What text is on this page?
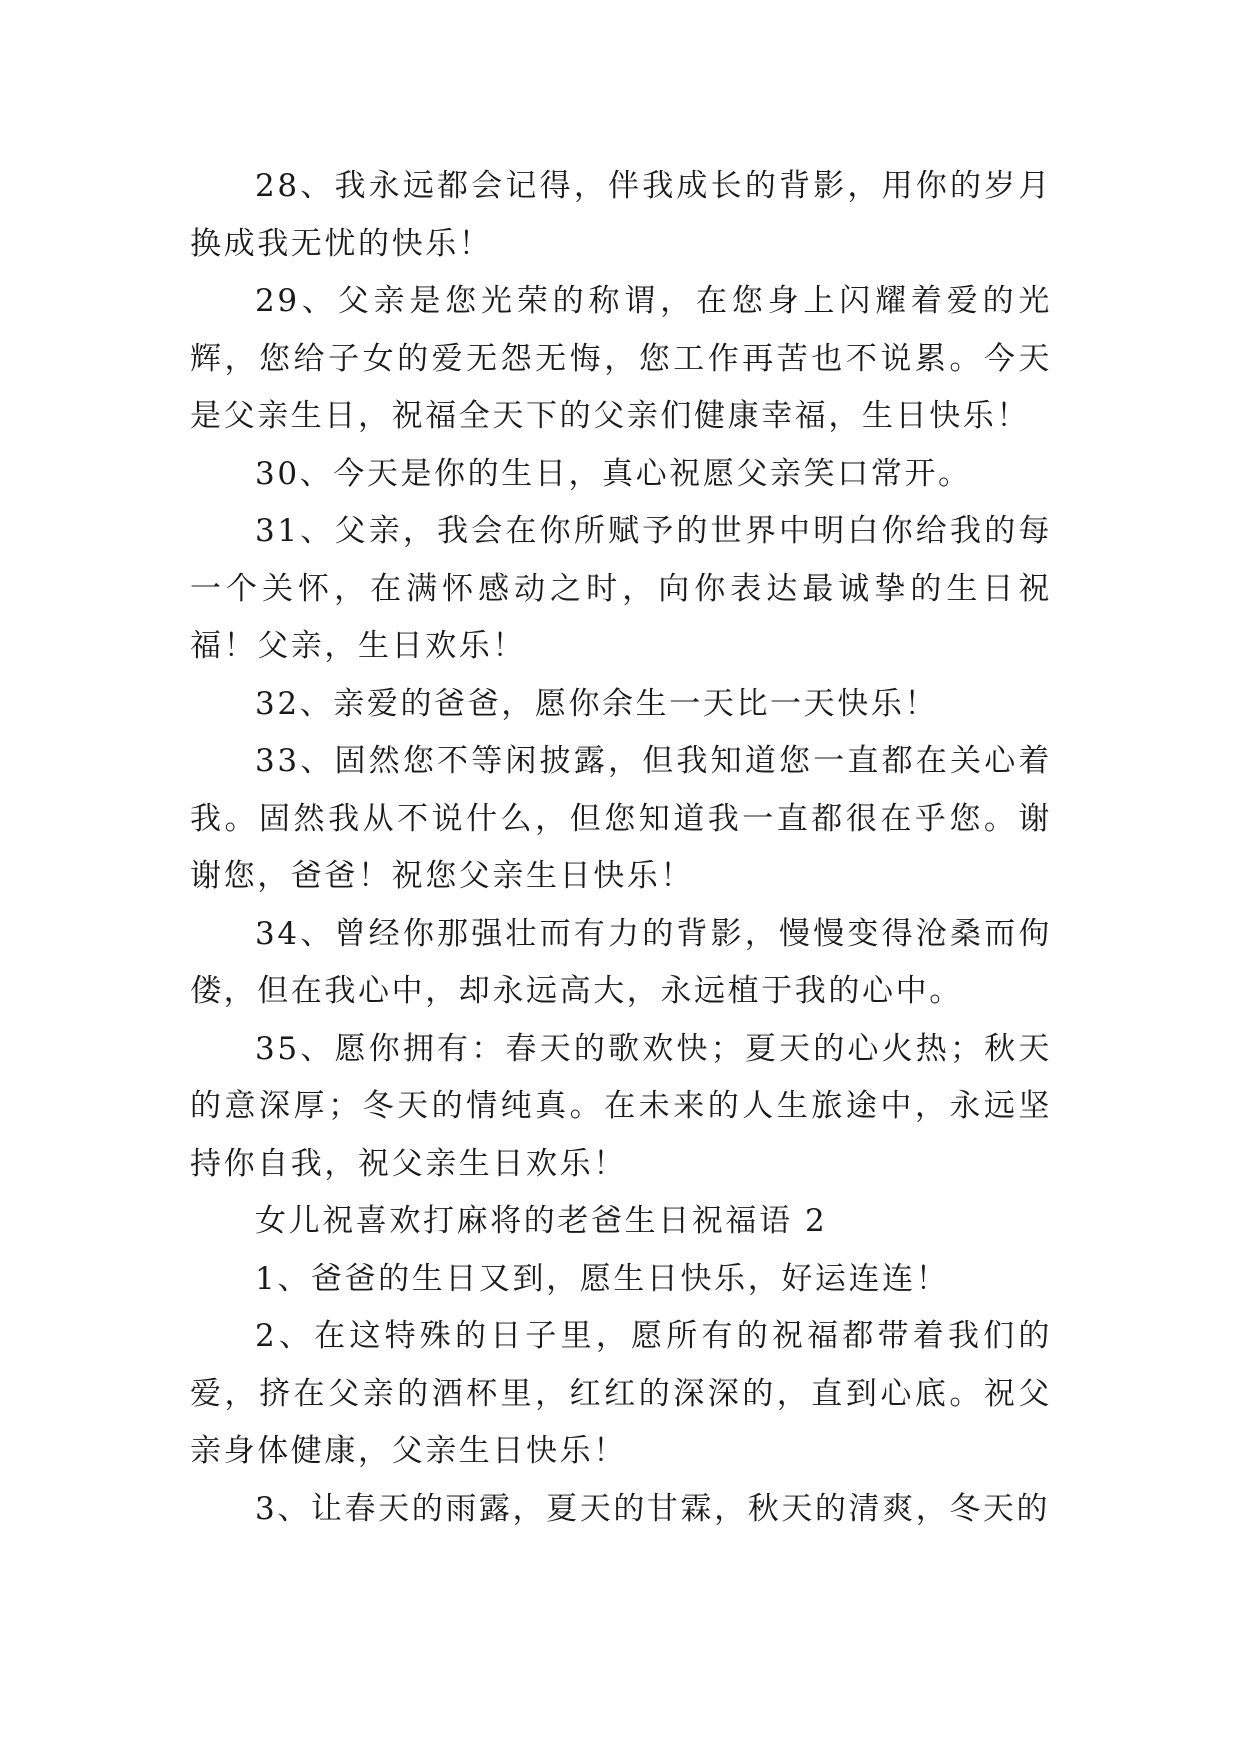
28、我永远都会记得，伴我成长的背影，用你的岁月换成我无忧的快乐！

29、父亲是您光荣的称谓，在您身上闪耀着爱的光辉，您给子女的爱无怨无悔，您工作再苦也不说累。今天是父亲生日，祝福全天下的父亲们健康幸福，生日快乐！

30、今天是你的生日，真心祝愿父亲笑口常开。

31、父亲，我会在你所赋予的世界中明白你给我的每一个关怀，在满怀感动之时，向你表达最诚挚的生日祝福！父亲，生日欢乐！

32、亲爱的爸爸，愿你余生一天比一天快乐！

33、固然您不等闲披露，但我知道您一直都在关心着我。固然我从不说什么，但您知道我一直都很在乎您。谢谢您，爸爸！祝您父亲生日快乐！

34、曾经你那强壮而有力的背影，慢慢变得沧桑而佝偻，但在我心中，却永远高大，永远植于我的心中。

35、愿你拥有：春天的歌欢快；夏天的心火热；秋天的意深厚；冬天的情纯真。在未来的人生旅途中，永远坚持你自我，祝父亲生日欢乐！

女儿祝喜欢打麻将的老爸生日祝福语 2

1、爸爸的生日又到，愿生日快乐，好运连连！

2、在这特殊的日子里，愿所有的祝福都带着我们的爱，挤在父亲的酒杯里，红红的深深的，直到心底。祝父亲身体健康，父亲生日快乐！

3、让春天的雨露，夏天的甘霖，秋天的清爽，冬天的
